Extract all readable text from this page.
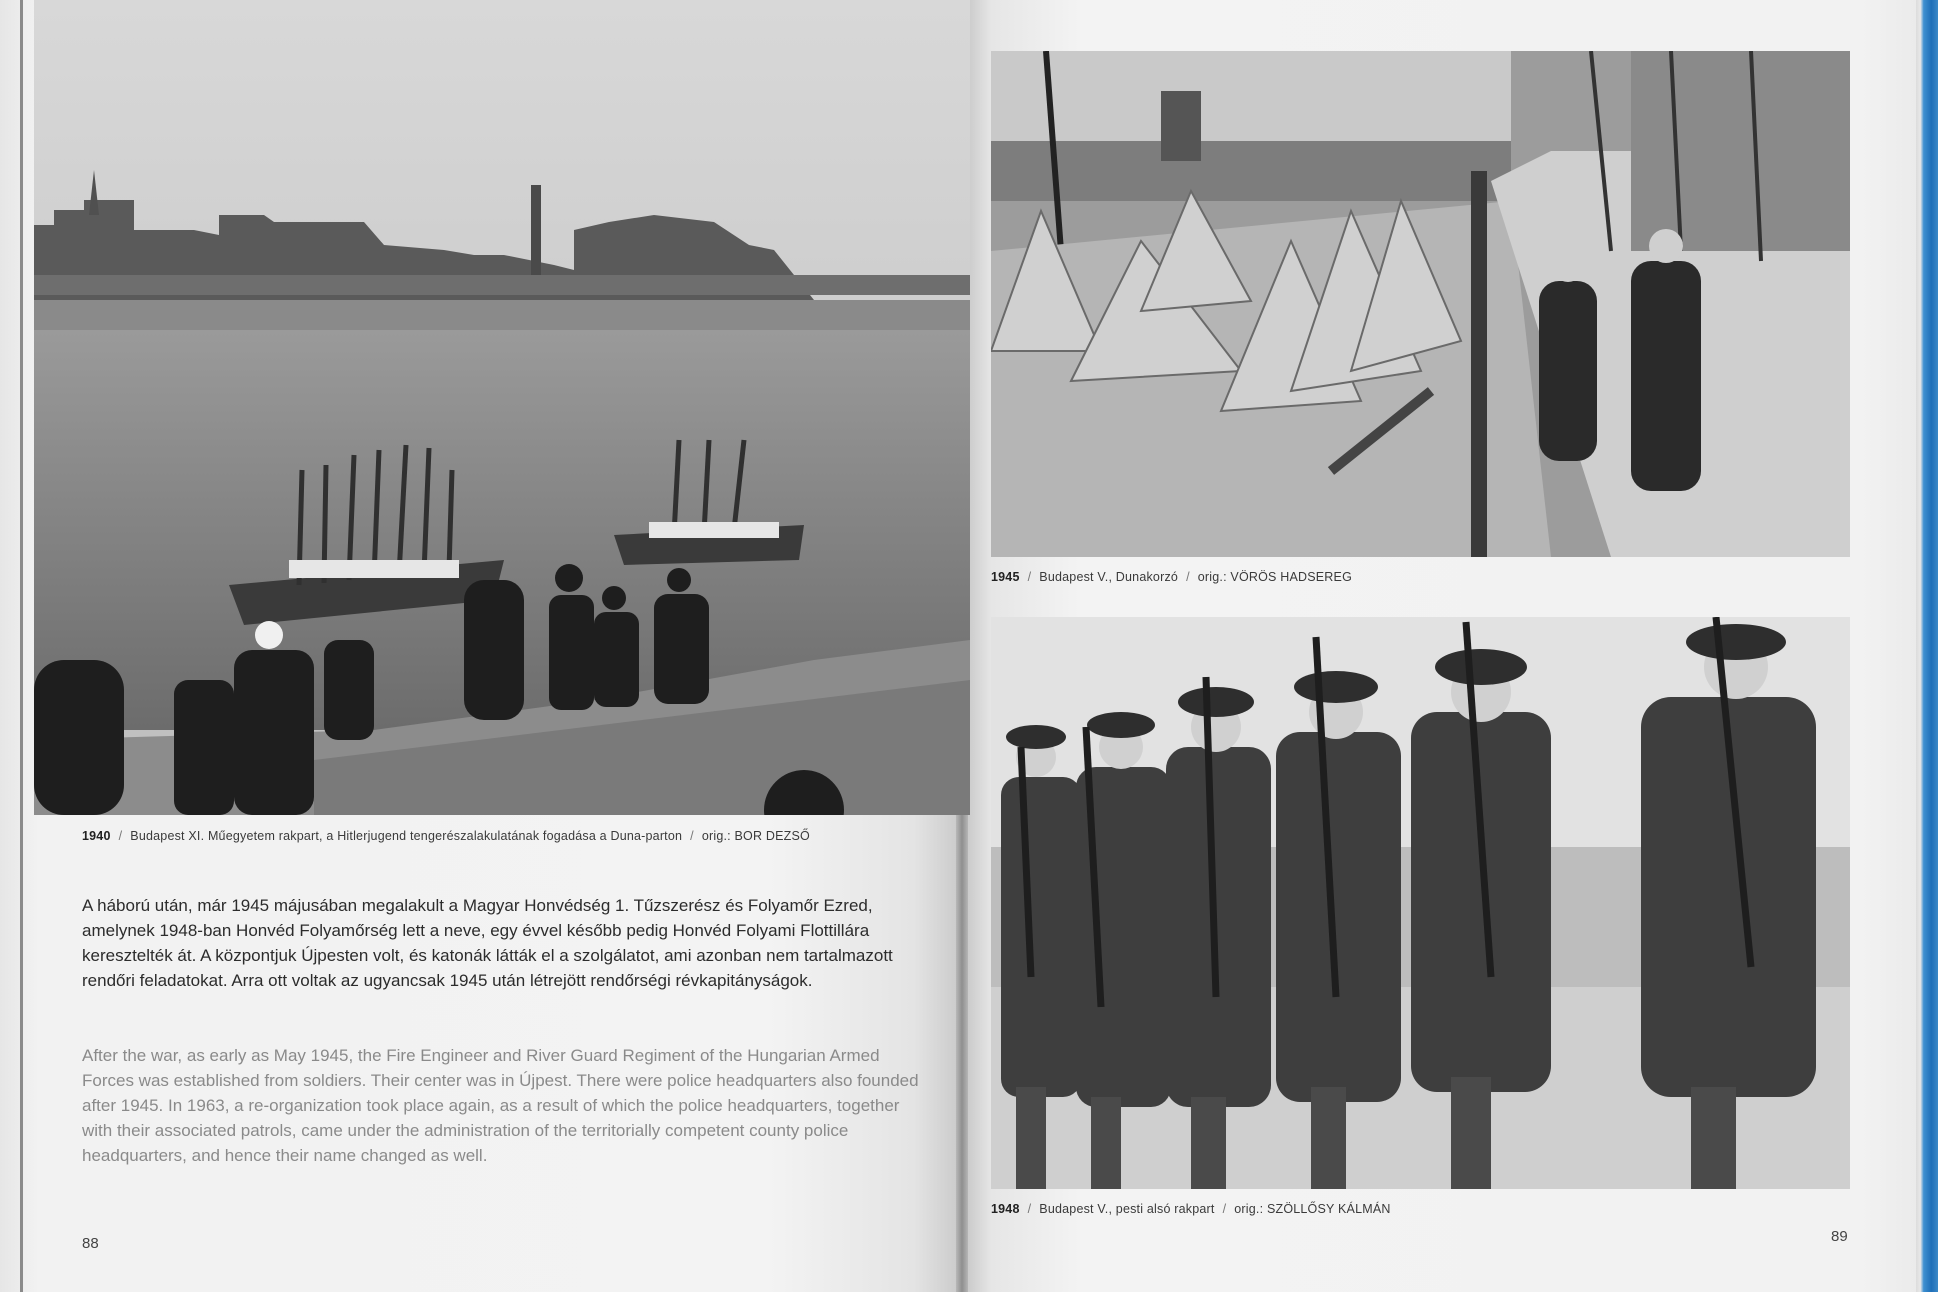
1940 / Budapest XI. Műegyetem rakpart, a Hitlerjugend tengerészalakulatának fogadása a Duna-parton / orig.: BOR DEZSŐ

A háború után, már 1945 májusában megalakult a Magyar Honvédség 1. Tűzszerész és Folyamőr Ezred, amelynek 1948-ban Honvéd Folyamőrség lett a neve, egy évvel később pedig Honvéd Folyami Flottillára keresztelték át. A központjuk Újpesten volt, és katonák látták el a szolgálatot, ami azonban nem tartalmazott rendőri feladatokat. Arra ott voltak az ugyancsak 1945 után létrejött rendőrségi révkapitányságok.

After the war, as early as May 1945, the Fire Engineer and River Guard Regiment of the Hungarian Armed Forces was established from soldiers. Their center was in Újpest. There were police headquarters also founded after 1945. In 1963, a re-organization took place again, as a result of which the police headquarters, together with their associated patrols, came under the administration of the territorially competent county police headquarters, and hence their name changed as well.

88
1945 / Budapest V., Dunakorzó / orig.: VÖRÖS HADSEREG
1948 / Budapest V., pesti alsó rakpart / orig.: SZÖLLŐSY KÁLMÁN
89
